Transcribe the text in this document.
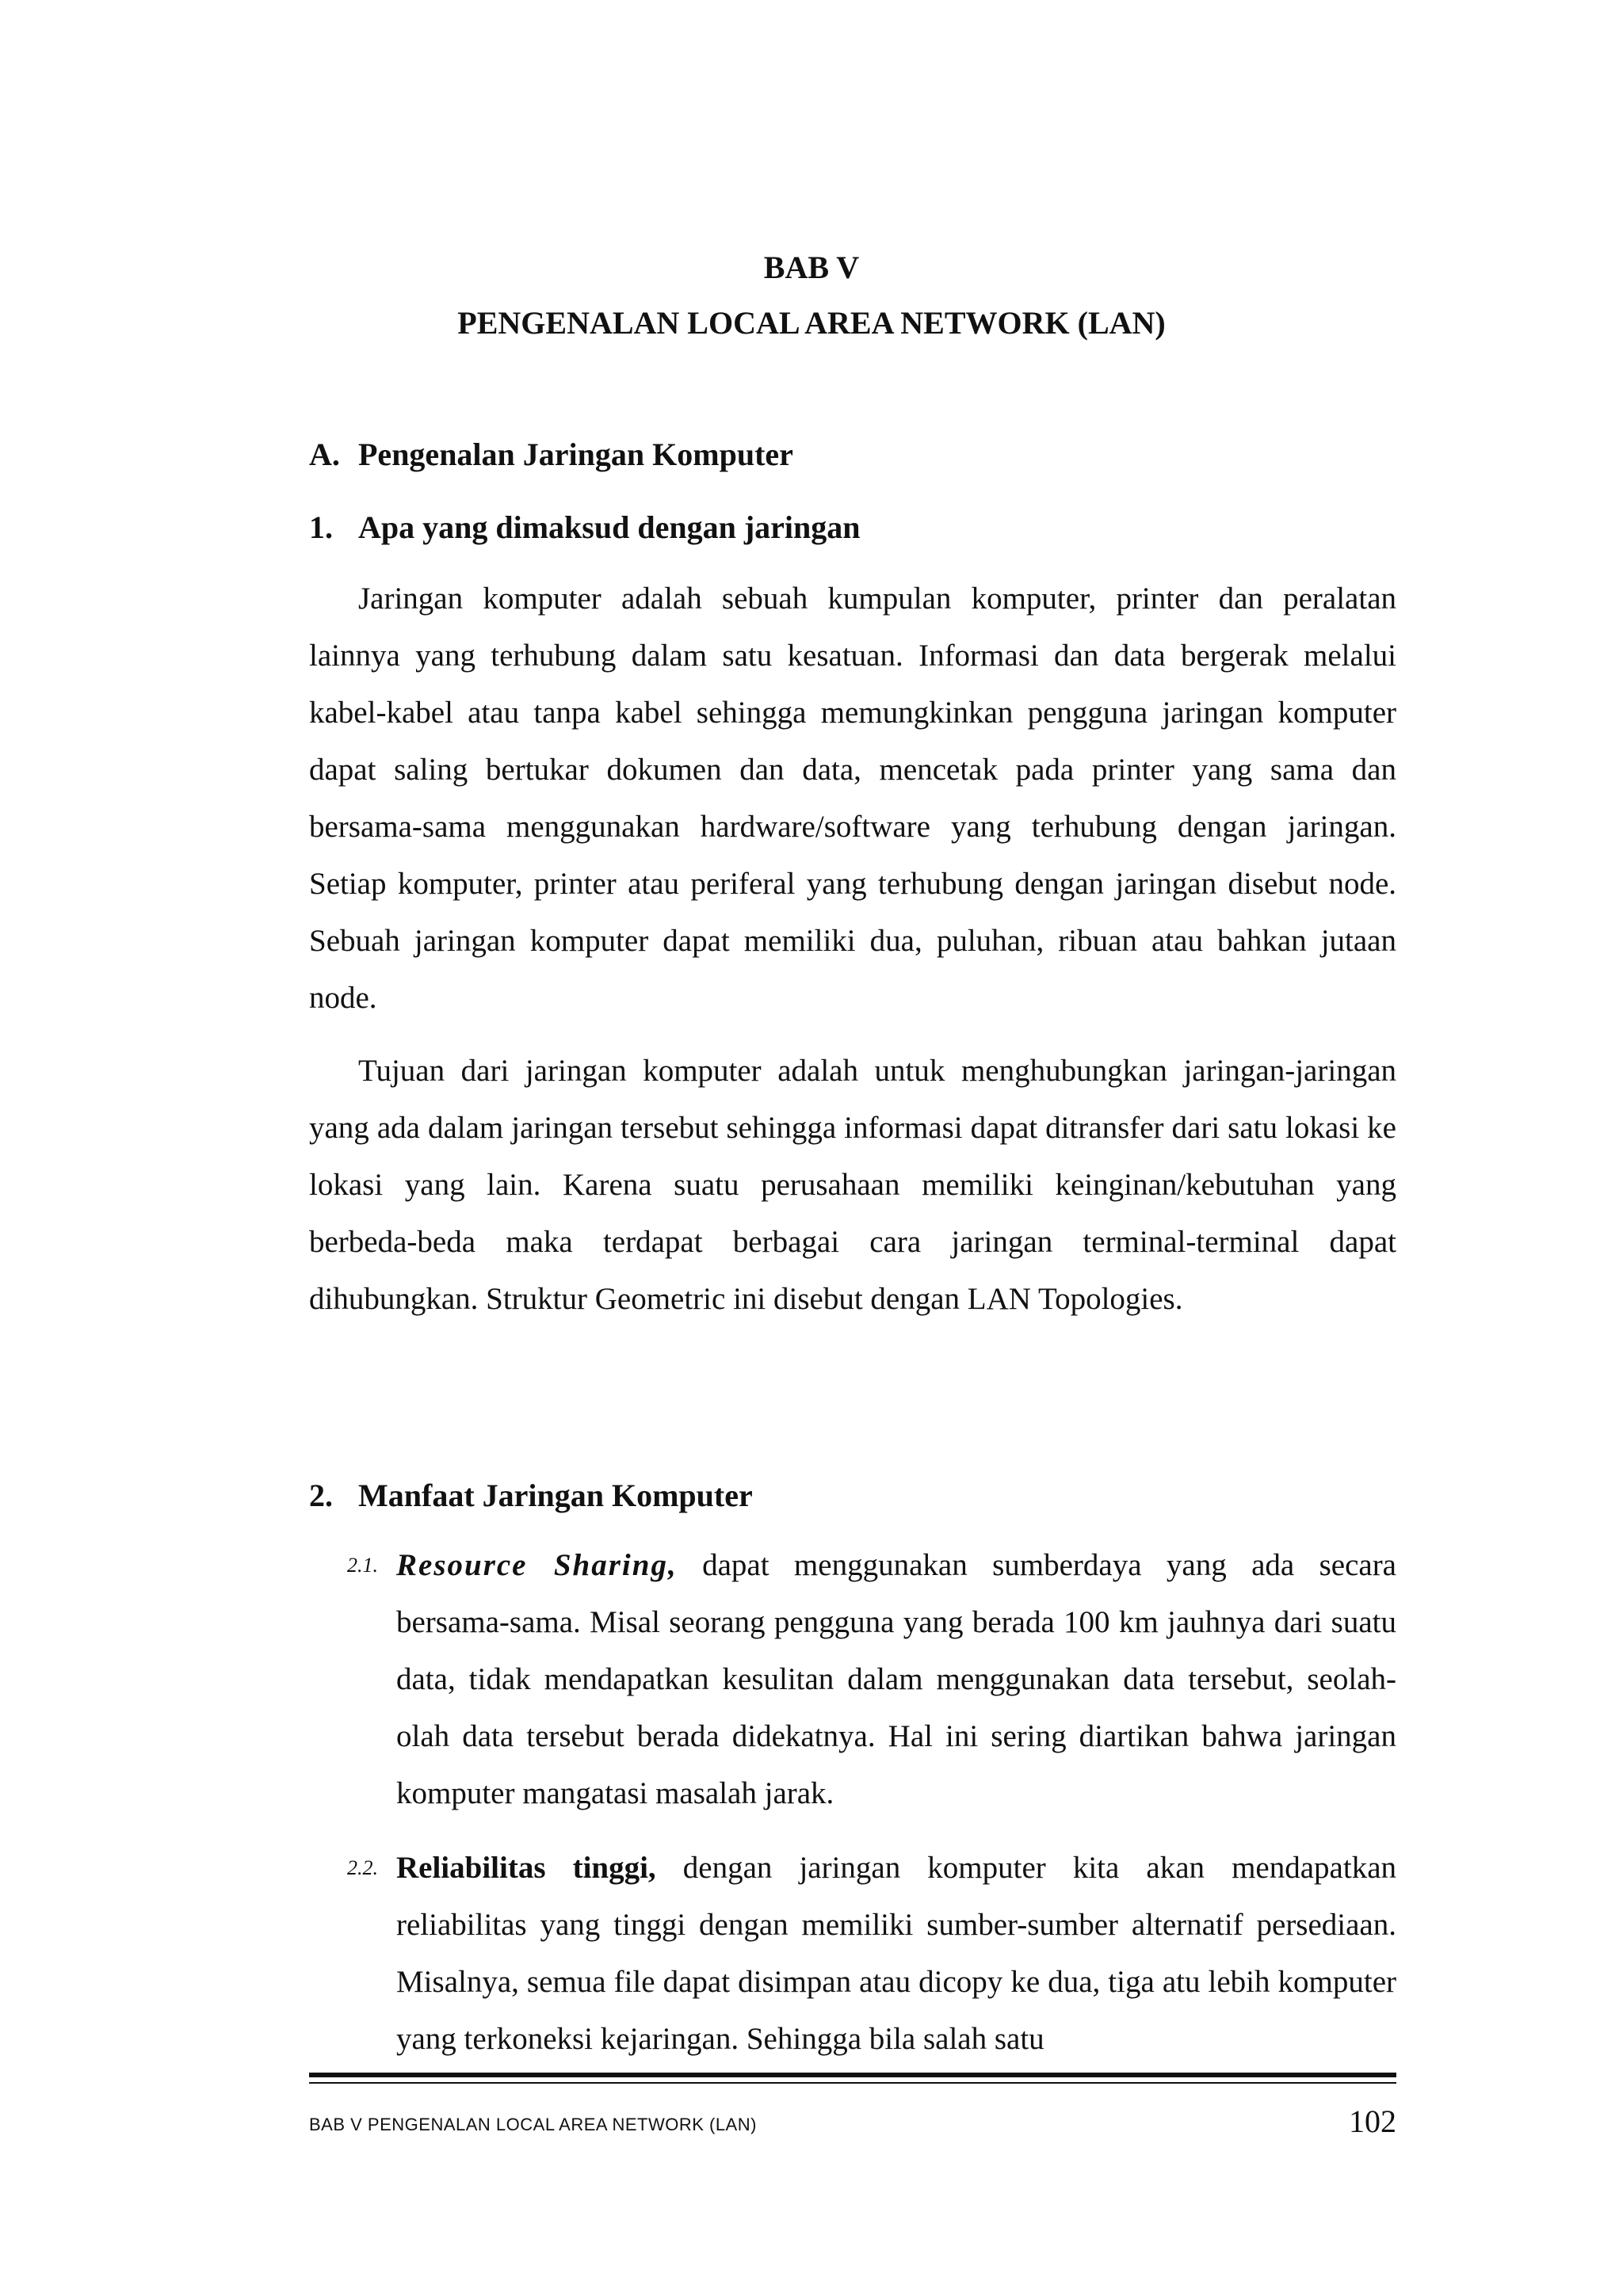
BAB V
PENGENALAN LOCAL AREA NETWORK (LAN)
A. Pengenalan Jaringan Komputer
1. Apa yang dimaksud dengan jaringan

Jaringan komputer adalah sebuah kumpulan komputer, printer dan peralatan lainnya yang terhubung dalam satu kesatuan. Informasi dan data bergerak melalui kabel-kabel atau tanpa kabel sehingga memungkinkan pengguna jaringan komputer dapat saling bertukar dokumen dan data, mencetak pada printer yang sama dan bersama-sama menggunakan hardware/software yang terhubung dengan jaringan. Setiap komputer, printer atau periferal yang terhubung dengan jaringan disebut node. Sebuah jaringan komputer dapat memiliki dua, puluhan, ribuan atau bahkan jutaan node.

Tujuan dari jaringan komputer adalah untuk menghubungkan jaringan-jaringan yang ada dalam jaringan tersebut sehingga informasi dapat ditransfer dari satu lokasi ke lokasi yang lain. Karena suatu perusahaan memiliki keinginan/kebutuhan yang berbeda-beda maka terdapat berbagai cara jaringan terminal-terminal dapat dihubungkan. Struktur Geometric ini disebut dengan LAN Topologies.

2. Manfaat Jaringan Komputer
2.1. Resource Sharing, dapat menggunakan sumberdaya yang ada secara bersama-sama. Misal seorang pengguna yang berada 100 km jauhnya dari suatu data, tidak mendapatkan kesulitan dalam menggunakan data tersebut, seolah-olah data tersebut berada didekatnya. Hal ini sering diartikan bahwa jaringan komputer mangatasi masalah jarak.
2.2. Reliabilitas tinggi, dengan jaringan komputer kita akan mendapatkan reliabilitas yang tinggi dengan memiliki sumber-sumber alternatif persediaan. Misalnya, semua file dapat disimpan atau dicopy ke dua, tiga atu lebih komputer yang terkoneksi kejaringan. Sehingga bila salah satu
BAB V PENGENALAN LOCAL AREA NETWORK (LAN)	102
